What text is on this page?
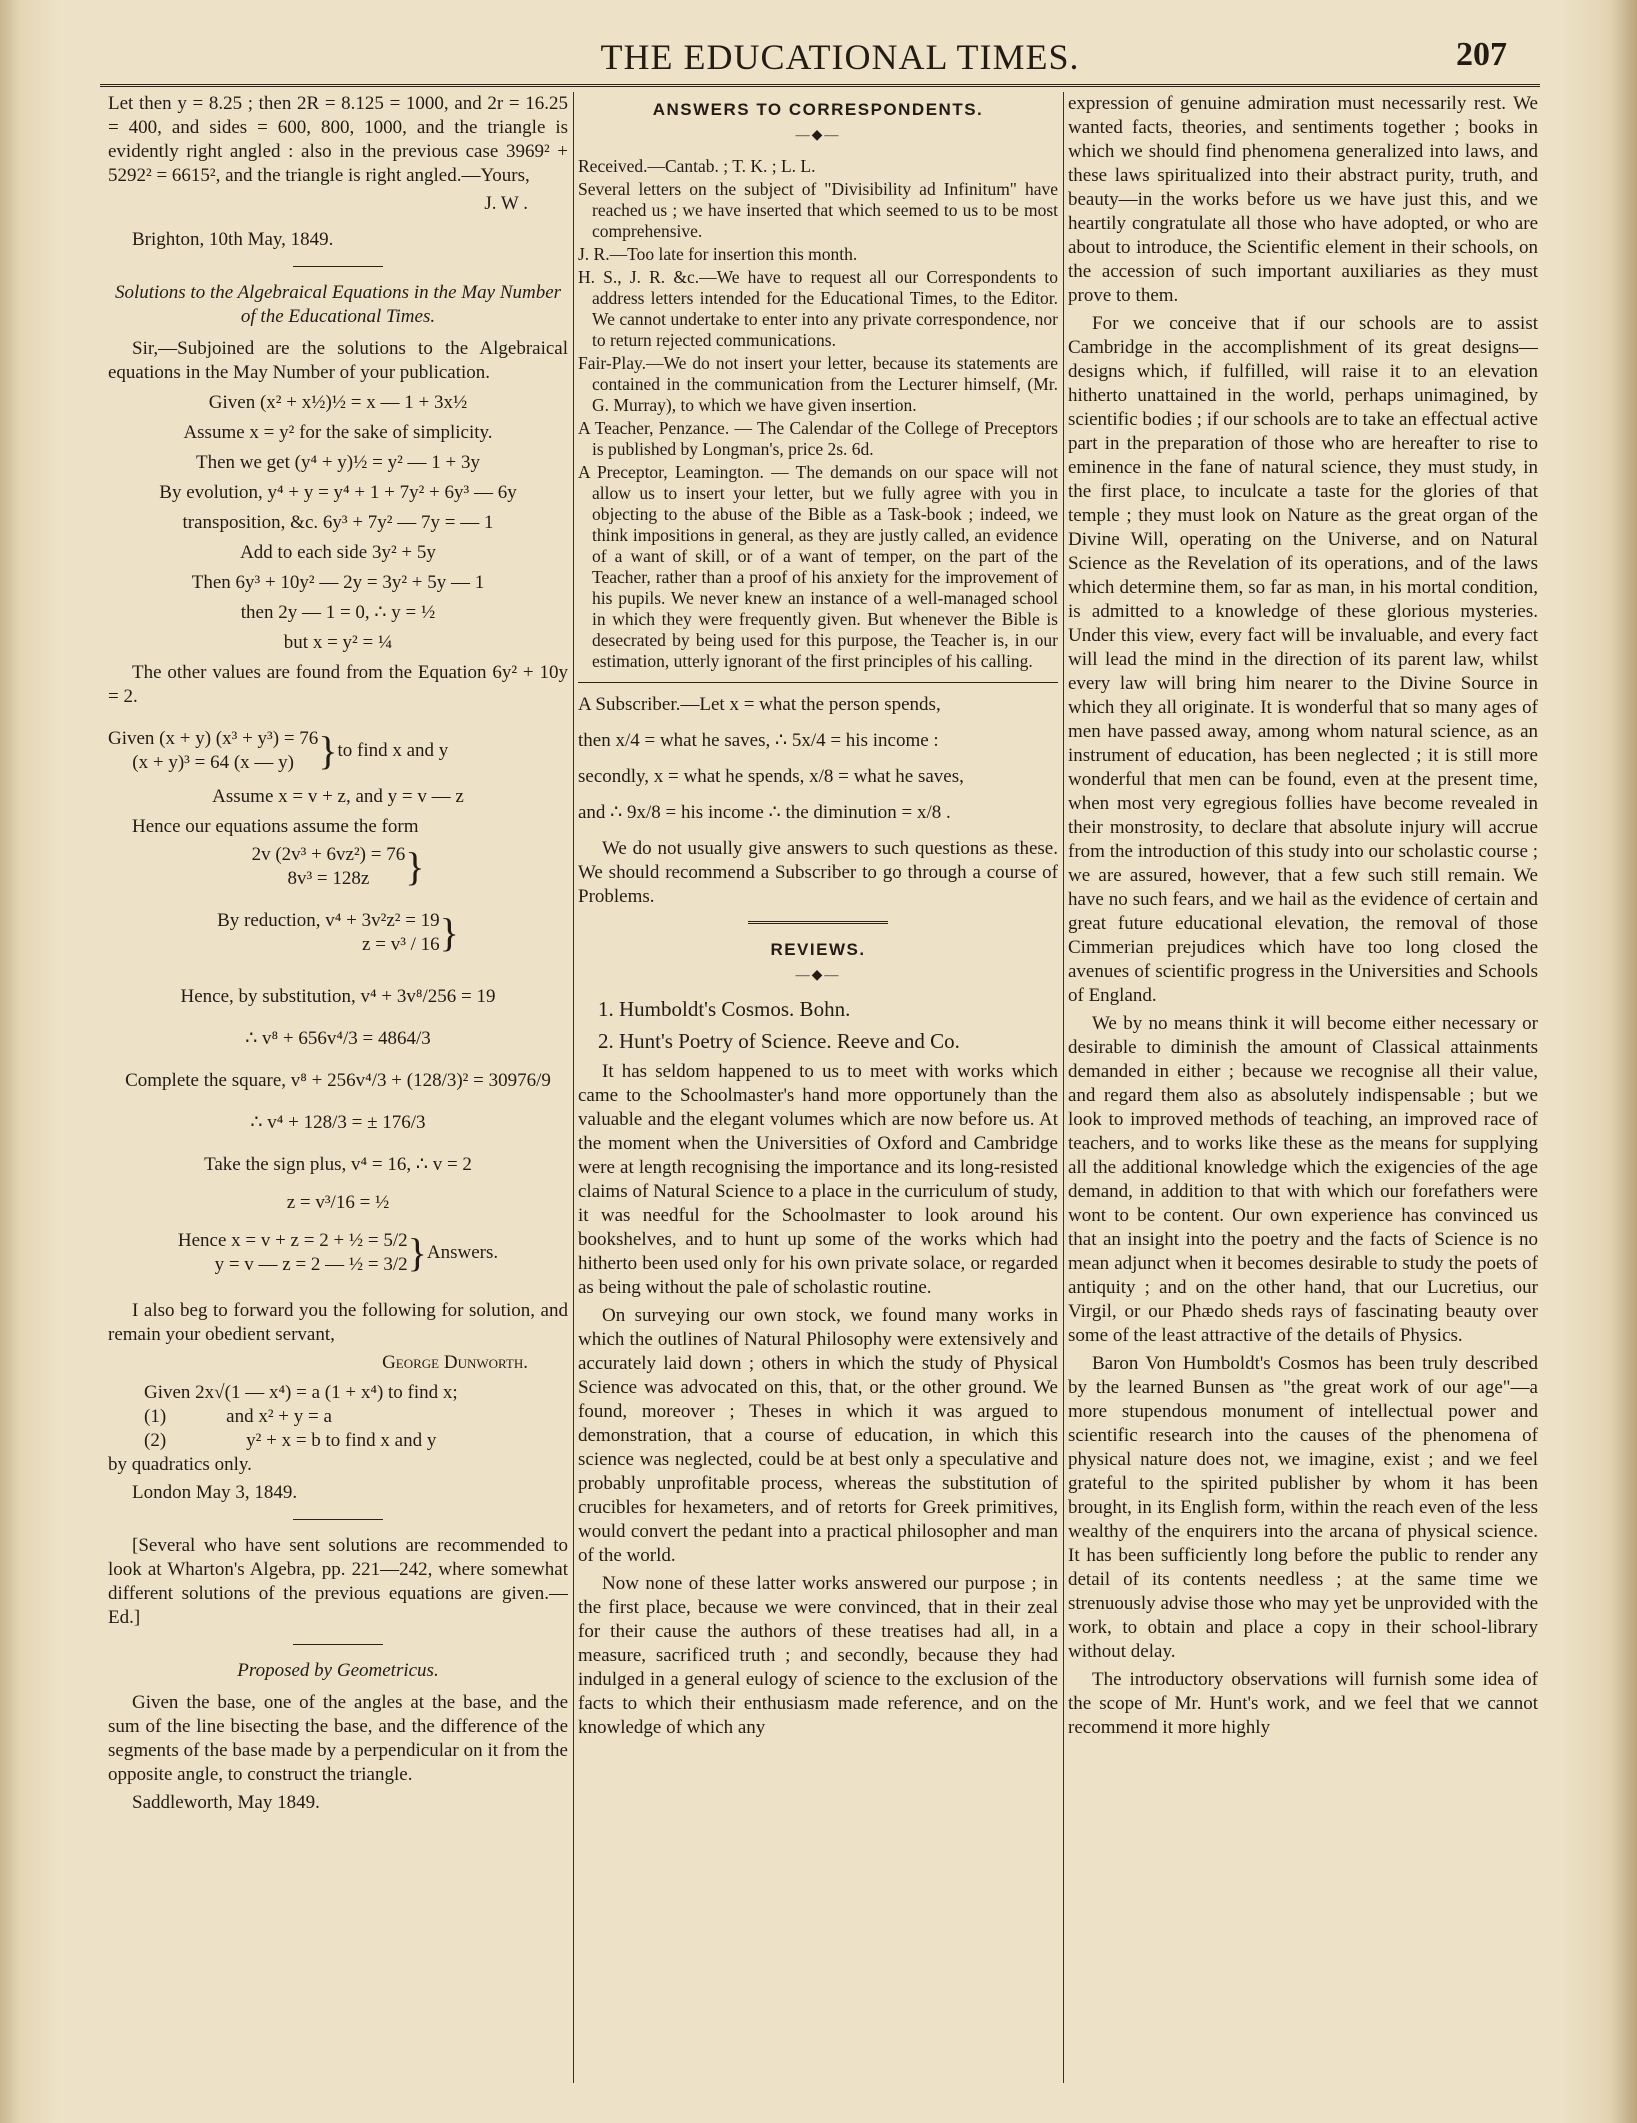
THE EDUCATIONAL TIMES.	207

Let then y = 8.25 ; then 2R = 8.125 = 1000, and 2r = 16.25 = 400, and sides = 600, 800, 1000, and the triangle is evidently right angled : also in the previous case 3969² + 5292² = 6615², and the triangle is right angled.—Yours,

J. W .
Brighton, 10th May, 1849.
Solutions to the Algebraical Equations in the May Number of the Educational Times.

Sir,—Subjoined are the solutions to the Algebraical equations in the May Number of your publication.

Given (x² + x½)½ = x — 1 + 3x½
Assume x = y² for the sake of simplicity.
Then we get (y⁴ + y)½ = y² — 1 + 3y
By evolution, y⁴ + y = y⁴ + 1 + 7y² + 6y³ — 6y
transposition, &c. 6y³ + 7y² — 7y = — 1
Add to each side 3y² + 5y
Then 6y³ + 10y² — 2y = 3y² + 5y — 1
then 2y — 1 = 0, ∴ y = ½
but x = y² = ¼

The other values are found from the Equation 6y² + 10y = 2.

Given (x + y) (x³ + y³) = 76
(x + y)³ = 64 (x — y) } to find x and y
Assume x = v + z, and y = v — z

Hence our equations assume the form

2v (2v³ + 6vz²) = 76
8v³ = 128z }
By reduction, v⁴ + 3v²z² = 19
z = v³ / 16 }
Hence, by substitution, v⁴ + 3v⁸/256 = 19
∴ v⁸ + 656v⁴/3 = 4864/3
Complete the square, v⁸ + 256v⁴/3 + (128/3)² = 30976/9
∴ v⁴ + 128/3 = ± 176/3
Take the sign plus, v⁴ = 16, ∴ v = 2
z = v³/16 = ½
Hence x = v + z = 2 + ½ = 5/2
y = v — z = 2 — ½ = 3/2 } Answers.

I also beg to forward you the following for solution, and remain your obedient servant,

George Dunworth.
Given 2x√(1 — x⁴) = a (1 + x⁴) to find x;
(1)	and x² + y = a
(2)	y² + x = b to find x and y
by quadratics only.
London May 3, 1849.

[Several who have sent solutions are recommended to look at Wharton's Algebra, pp. 221—242, where somewhat different solutions of the previous equations are given.—Ed.]

Proposed by Geometricus.

Given the base, one of the angles at the base, and the sum of the line bisecting the base, and the difference of the segments of the base made by a perpendicular on it from the opposite angle, to construct the triangle.

Saddleworth, May 1849.
ANSWERS TO CORRESPONDENTS.
—◆—

Received.—Cantab. ; T. K. ; L. L.

Several letters on the subject of "Divisibility ad Infinitum" have reached us ; we have inserted that which seemed to us to be most comprehensive.

J. R.—Too late for insertion this month.

H. S., J. R. &c.—We have to request all our Correspondents to address letters intended for the Educational Times, to the Editor. We cannot undertake to enter into any private correspondence, nor to return rejected communications.

Fair-Play.—We do not insert your letter, because its statements are contained in the communication from the Lecturer himself, (Mr. G. Murray), to which we have given insertion.

A Teacher, Penzance. — The Calendar of the College of Preceptors is published by Longman's, price 2s. 6d.

A Preceptor, Leamington. — The demands on our space will not allow us to insert your letter, but we fully agree with you in objecting to the abuse of the Bible as a Task-book ; indeed, we think impositions in general, as they are justly called, an evidence of a want of skill, or of a want of temper, on the part of the Teacher, rather than a proof of his anxiety for the improvement of his pupils. We never knew an instance of a well-managed school in which they were frequently given. But whenever the Bible is desecrated by being used for this purpose, the Teacher is, in our estimation, utterly ignorant of the first principles of his calling.

A Subscriber.—Let x = what the person spends,

then x/4 = what he saves, ∴ 5x/4 = his income :

secondly, x = what he spends, x/8 = what he saves,

and ∴ 9x/8 = his income ∴ the diminution = x/8 .

We do not usually give answers to such questions as these. We should recommend a Subscriber to go through a course of Problems.

REVIEWS.
—◆—
1. Humboldt's Cosmos. Bohn.
2. Hunt's Poetry of Science. Reeve and Co.

It has seldom happened to us to meet with works which came to the Schoolmaster's hand more opportunely than the valuable and the elegant volumes which are now before us. At the moment when the Universities of Oxford and Cambridge were at length recognising the importance and its long-resisted claims of Natural Science to a place in the curriculum of study, it was needful for the Schoolmaster to look around his bookshelves, and to hunt up some of the works which had hitherto been used only for his own private solace, or regarded as being without the pale of scholastic routine.

On surveying our own stock, we found many works in which the outlines of Natural Philosophy were extensively and accurately laid down ; others in which the study of Physical Science was advocated on this, that, or the other ground. We found, moreover ; Theses in which it was argued to demonstration, that a course of education, in which this science was neglected, could be at best only a speculative and probably unprofitable process, whereas the substitution of crucibles for hexameters, and of retorts for Greek primitives, would convert the pedant into a practical philosopher and man of the world.

Now none of these latter works answered our purpose ; in the first place, because we were convinced, that in their zeal for their cause the authors of these treatises had all, in a measure, sacrificed truth ; and secondly, because they had indulged in a general eulogy of science to the exclusion of the facts to which their enthusiasm made reference, and on the knowledge of which any

expression of genuine admiration must necessarily rest. We wanted facts, theories, and sentiments together ; books in which we should find phenomena generalized into laws, and these laws spiritualized into their abstract purity, truth, and beauty—in the works before us we have just this, and we heartily congratulate all those who have adopted, or who are about to introduce, the Scientific element in their schools, on the accession of such important auxiliaries as they must prove to them.

For we conceive that if our schools are to assist Cambridge in the accomplishment of its great designs—designs which, if fulfilled, will raise it to an elevation hitherto unattained in the world, perhaps unimagined, by scientific bodies ; if our schools are to take an effectual active part in the preparation of those who are hereafter to rise to eminence in the fane of natural science, they must study, in the first place, to inculcate a taste for the glories of that temple ; they must look on Nature as the great organ of the Divine Will, operating on the Universe, and on Natural Science as the Revelation of its operations, and of the laws which determine them, so far as man, in his mortal condition, is admitted to a knowledge of these glorious mysteries. Under this view, every fact will be invaluable, and every fact will lead the mind in the direction of its parent law, whilst every law will bring him nearer to the Divine Source in which they all originate. It is wonderful that so many ages of men have passed away, among whom natural science, as an instrument of education, has been neglected ; it is still more wonderful that men can be found, even at the present time, when most very egregious follies have become revealed in their monstrosity, to declare that absolute injury will accrue from the introduction of this study into our scholastic course ; we are assured, however, that a few such still remain. We have no such fears, and we hail as the evidence of certain and great future educational elevation, the removal of those Cimmerian prejudices which have too long closed the avenues of scientific progress in the Universities and Schools of England.

We by no means think it will become either necessary or desirable to diminish the amount of Classical attainments demanded in either ; because we recognise all their value, and regard them also as absolutely indispensable ; but we look to improved methods of teaching, an improved race of teachers, and to works like these as the means for supplying all the additional knowledge which the exigencies of the age demand, in addition to that with which our forefathers were wont to be content. Our own experience has convinced us that an insight into the poetry and the facts of Science is no mean adjunct when it becomes desirable to study the poets of antiquity ; and on the other hand, that our Lucretius, our Virgil, or our Phædo sheds rays of fascinating beauty over some of the least attractive of the details of Physics.

Baron Von Humboldt's Cosmos has been truly described by the learned Bunsen as "the great work of our age"—a more stupendous monument of intellectual power and scientific research into the causes of the phenomena of physical nature does not, we imagine, exist ; and we feel grateful to the spirited publisher by whom it has been brought, in its English form, within the reach even of the less wealthy of the enquirers into the arcana of physical science. It has been sufficiently long before the public to render any detail of its contents needless ; at the same time we strenuously advise those who may yet be unprovided with the work, to obtain and place a copy in their school-library without delay.

The introductory observations will furnish some idea of the scope of Mr. Hunt's work, and we feel that we cannot recommend it more highly
